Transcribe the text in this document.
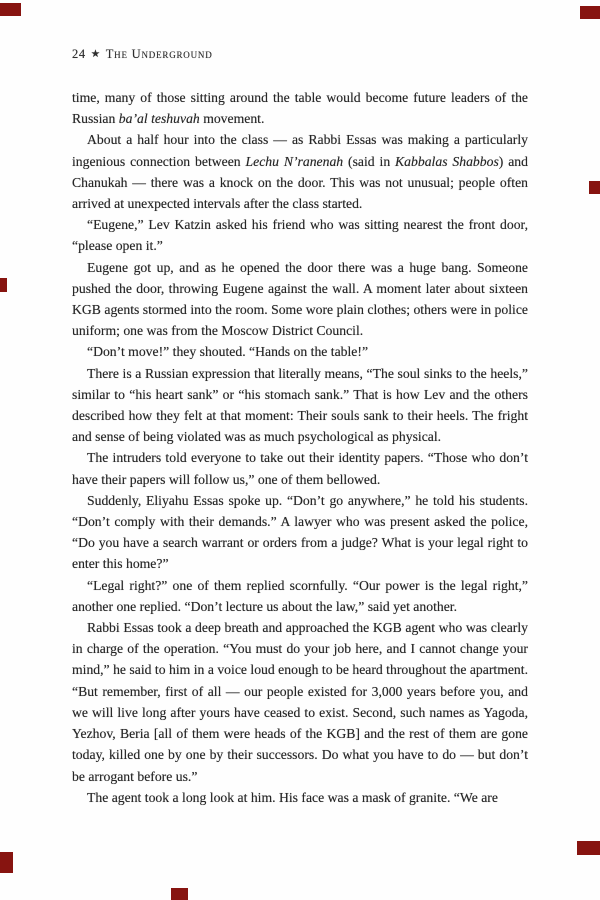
24 ★ The Underground

time, many of those sitting around the table would become future leaders of the Russian ba’al teshuvah movement.

About a half hour into the class — as Rabbi Essas was making a particularly ingenious connection between Lechu N’ranenah (said in Kabbalas Shabbos) and Chanukah — there was a knock on the door. This was not unusual; people often arrived at unexpected intervals after the class started.

“Eugene,” Lev Katzin asked his friend who was sitting nearest the front door, “please open it.”

Eugene got up, and as he opened the door there was a huge bang. Someone pushed the door, throwing Eugene against the wall. A moment later about sixteen KGB agents stormed into the room. Some wore plain clothes; others were in police uniform; one was from the Moscow District Council.

“Don’t move!” they shouted. “Hands on the table!”

There is a Russian expression that literally means, “The soul sinks to the heels,” similar to “his heart sank” or “his stomach sank.” That is how Lev and the others described how they felt at that moment: Their souls sank to their heels. The fright and sense of being violated was as much psychological as physical.

The intruders told everyone to take out their identity papers. “Those who don’t have their papers will follow us,” one of them bellowed.

Suddenly, Eliyahu Essas spoke up. “Don’t go anywhere,” he told his students. “Don’t comply with their demands.” A lawyer who was present asked the police, “Do you have a search warrant or orders from a judge? What is your legal right to enter this home?”

“Legal right?” one of them replied scornfully. “Our power is the legal right,” another one replied. “Don’t lecture us about the law,” said yet another.

Rabbi Essas took a deep breath and approached the KGB agent who was clearly in charge of the operation. “You must do your job here, and I cannot change your mind,” he said to him in a voice loud enough to be heard throughout the apartment. “But remember, first of all — our people existed for 3,000 years before you, and we will live long after yours have ceased to exist. Second, such names as Yagoda, Yezhov, Beria [all of them were heads of the KGB] and the rest of them are gone today, killed one by one by their successors. Do what you have to do — but don’t be arrogant before us.”

The agent took a long look at him. His face was a mask of granite. “We are
